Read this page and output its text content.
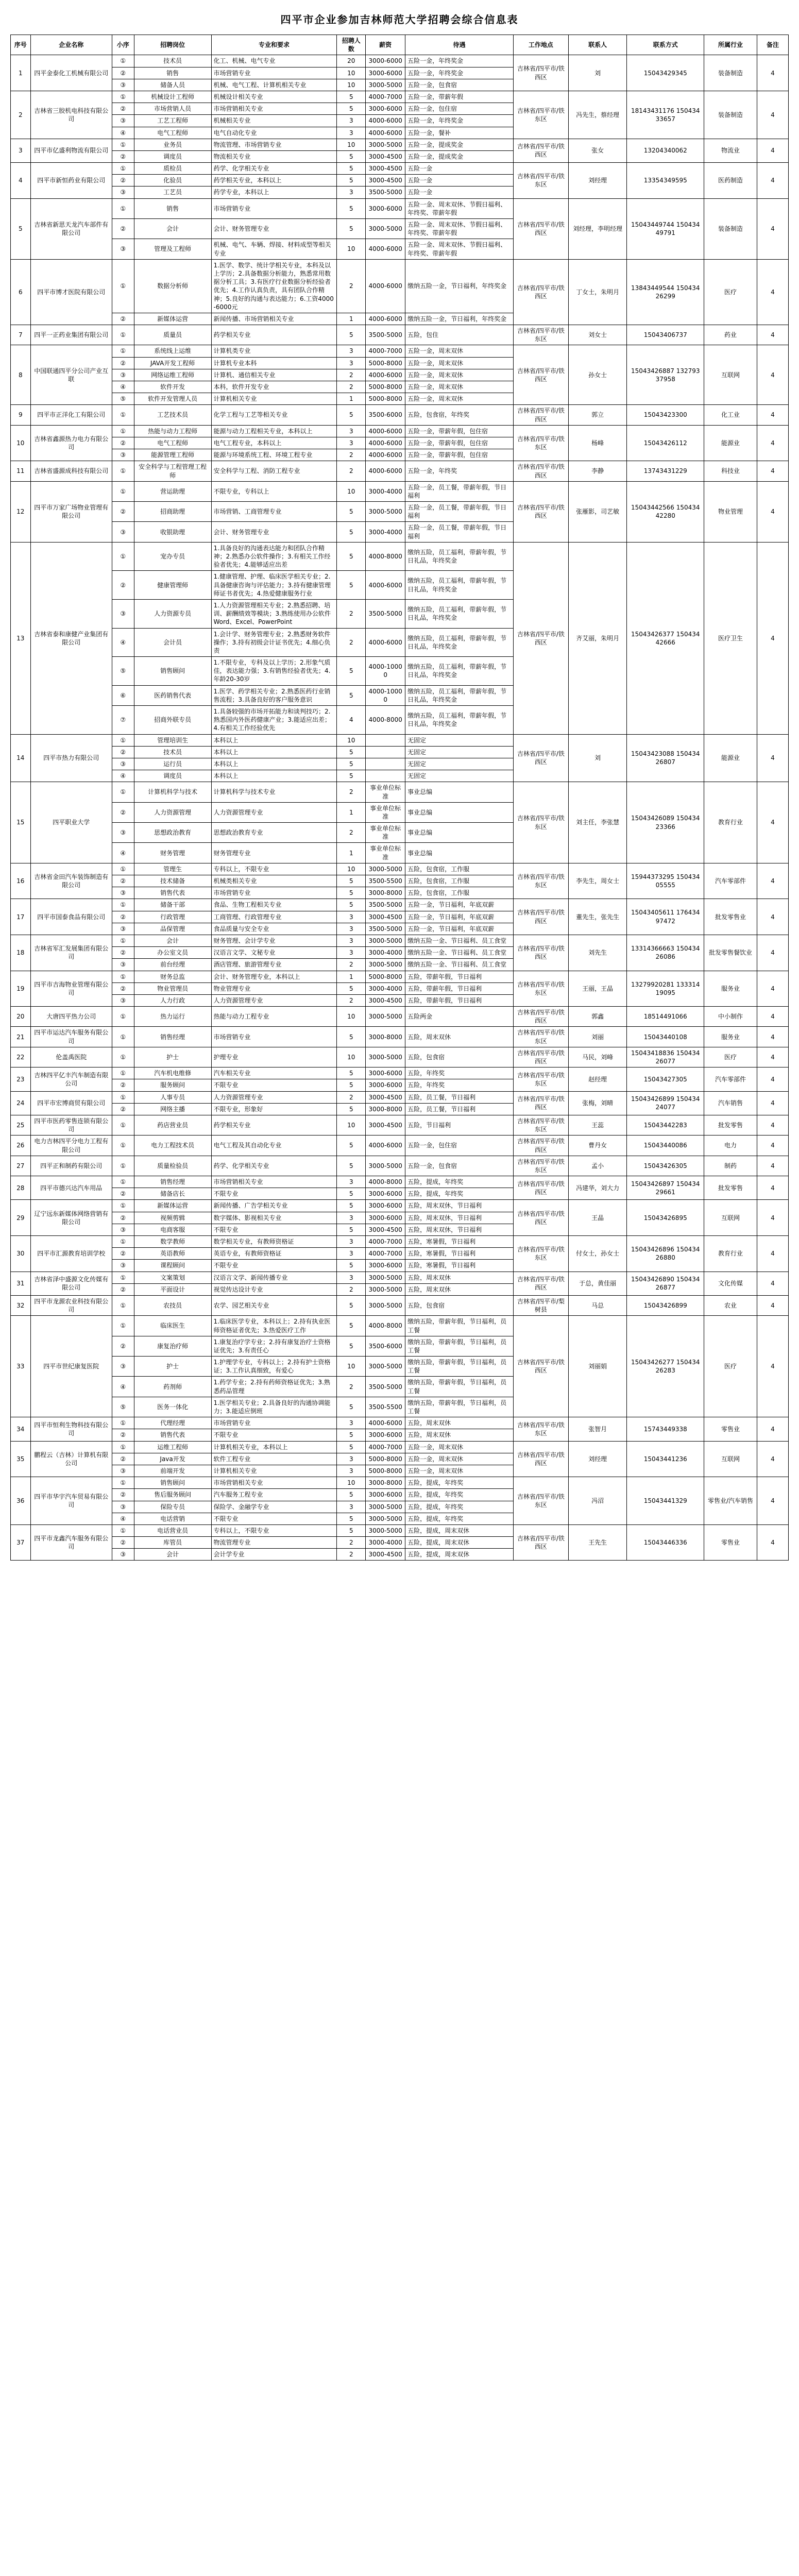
四平市企业参加吉林师范大学招聘会综合信息表
序号	企业名称	小序	招聘岗位	专业和要求	招聘人数	薪资	待遇	工作地点	联系人	联系方式	所属行业	备注
1	四平金泰化工机械有限公司	①	技术员	化工、机械、电气专业	20	3000-6000	五险一金，年终奖金	吉林省/四平市/铁西区	刘	15043429345	装备制造	4
		②	销售	市场营销专业	10	3000-6000	五险一金，年终奖金					
		③	储备人员	机械、电气工程、计算机相关专业	10	3000-5000	五险一金，包食宿					
2	吉林省三胶机电科技有限公司	①	机械设计工程师	机械设计相关专业	5	4000-7000	五险一金，带薪年假	吉林省/四平市/铁东区	冯先生，蔡经理	18143431176 15043433657	装备制造	4
		②	市场营销人员	市场营销相关专业	5	3000-6000	五险一金，包住宿					
		③	工艺工程师	机械相关专业	3	4000-6000	五险一金，年终奖金					
		④	电气工程师	电气自动化专业	3	4000-6000	五险一金，餐补					
3	四平市亿盛利物流有限公司	①	业务员	物流管理、市场营销专业	10	3000-5000	五险一金，提成奖金	吉林省/四平市/铁西区	张女	13204340062	物流业	4
		②	调度员	物流相关专业	5	3000-4500	五险一金，提成奖金					
4	四平市新恒药业有限公司	①	质检员	药学、化学相关专业	5	3000-4500	五险一金	吉林省/四平市/铁东区	刘经理	13354349595	医药制造	4
		②	化验员	药学相关专业，本科以上	5	3000-4500	五险一金					
		③	工艺员	药学专业，本科以上	3	3500-5000	五险一金					
5	吉林省新思天龙汽车部件有限公司	①	销售	市场营销专业	5	3000-6000	五险一金、周末双休、节假日福利、年终奖、带薪年假	吉林省/四平市/铁西区	刘经理，李明经理	15043449744 15043449791	装备制造	4
		②	会计	会计、财务管理专业	5	3000-5000	五险一金、周末双休、节假日福利、年终奖、带薪年假					
		③	管理及工程师	机械、电气、车辆、焊接、材料成型等相关专业	10	4000-6000	五险一金、周末双休、节假日福利、年终奖、带薪年假					
6	四平市博才医院有限公司	①	数据分析师	1.医学、数学、统计学相关专业，本科及以上学历；2.具备数据分析能力，熟悉常用数据分析工具；3.有医疗行业数据分析经验者优先；4.工作认真负责，具有团队合作精神；5.良好的沟通与表达能力；6.工资4000-6000元	2	4000-6000	缴纳五险一金，节日福利，年终奖金	吉林省/四平市/铁西区	丁女士，朱明月	13843449544 15043426299	医疗	4
		②	新媒体运营	新闻传播、市场营销相关专业	1	4000-6000	缴纳五险一金，节日福利，年终奖金					
7	四平一正药业集团有限公司	①	质量员	药学相关专业	5	3500-5000	五险，包住	吉林省/四平市/铁东区	刘女士	15043406737	药业	4
8	中国联通四平分公司产业互联	①	系统线上运维	计算机类专业	3	4000-7000	五险一金，周末双休	吉林省/四平市/铁西区	孙女士	15043426887 13279337958	互联网	4
		②	JAVA开发工程师	计算机专业本科	3	5000-8000	五险一金，周末双休					
		③	网络运维工程师	计算机、通信相关专业	2	4000-6000	五险一金，周末双休					
		④	软件开发	本科，软件开发专业	2	5000-8000	五险一金，周末双休					
		⑤	软件开发管理人员	计算机相关专业	1	5000-8000	五险一金，周末双休					
9	四平市正洋化工有限公司	①	工艺技术员	化学工程与工艺等相关专业	5	3500-6000	五险，包食宿，年终奖	吉林省/四平市/铁西区	郭立	15043423300	化工业	4
10	吉林省鑫源热力电力有限公司	①	热能与动力工程师	能源与动力工程相关专业，本科以上	3	4000-6000	五险一金，带薪年假，包住宿	吉林省/四平市/铁东区	杨峰	15043426112	能源业	4
		②	电气工程师	电气工程专业，本科以上	3	4000-6000	五险一金，带薪年假，包住宿					
		③	能源管理工程师	能源与环境系统工程、环境工程专业	2	4000-6000	五险一金，带薪年假，包住宿					
11	吉林省盛源成科技有限公司	①	安全科学与工程管理工程师	安全科学与工程、消防工程专业	2	4000-6000	五险一金，年终奖	吉林省/四平市/铁西区	李静	13743431229	科技业	4
12	四平市万家广场物业管理有限公司	①	营运助理	不限专业，专科以上	10	3000-4000	五险一金，员工餐，带薪年假，节日福利	吉林省/四平市/铁西区	张雁影，司艺敏	15043442566 15043442280	物业管理	4
		②	招商助理	市场营销、工商管理专业	5	3000-5000	五险一金，员工餐，带薪年假，节日福利					
		③	收银助理	会计、财务管理专业	5	3000-4000	五险一金，员工餐，带薪年假，节日福利					
13	吉林省泰和康健产业集团有限公司	①	宠办专员	1.具备良好的沟通表达能力和团队合作精神；2.熟悉办公软件操作；3.有相关工作经验者优先；4.能够适应出差	5	4000-8000	缴纳五险，员工福利，带薪年假，节日礼品，年终奖金	吉林省/四平市/铁西区	齐艾丽，朱明月	15043426377 15043442666	医疗卫生	4
		②	健康管理师	1.健康管理、护理、临床医学相关专业；2.具备健康咨询与评估能力；3.持有健康管理师证书者优先；4.热爱健康服务行业	5	4000-6000	缴纳五险，员工福利，带薪年假，节日礼品，年终奖金					
		③	人力资源专员	1.人力资源管理相关专业；2.熟悉招聘、培训、薪酬绩效等模块；3.熟练使用办公软件Word、Excel、PowerPoint	2	3500-5000	缴纳五险，员工福利，带薪年假，节日礼品，年终奖金					
		④	会计员	1.会计学、财务管理专业；2.熟悉财务软件操作；3.持有初级会计证书优先；4.细心负责	2	4000-6000	缴纳五险，员工福利，带薪年假，节日礼品，年终奖金					
		⑤	销售顾问	1.不限专业，专科及以上学历；2.形象气质佳，表达能力强；3.有销售经验者优先；4.年龄20-30岁	5	4000-10000	缴纳五险，员工福利，带薪年假，节日礼品，年终奖金					
		⑥	医药销售代表	1.医学、药学相关专业；2.熟悉医药行业销售流程；3.具备良好的客户服务意识	5	4000-10000	缴纳五险，员工福利，带薪年假，节日礼品，年终奖金					
		⑦	招商外联专员	1.具备较强的市场开拓能力和谈判技巧；2.熟悉国内外医药健康产业；3.能适应出差；4.有相关工作经验优先	4	4000-8000	缴纳五险，员工福利，带薪年假，节日礼品，年终奖金					
14	四平市热力有限公司	①	管理培训生	本科以上	10		无固定	吉林省/四平市/铁西区	刘	15043423088 15043426807	能源业	4
		②	技术员	本科以上	5		无固定					
		③	运行员	本科以上	5		无固定					
		④	调度员	本科以上	5		无固定					
15	四平职业大学	①	计算机科学与技术	计算机科学与技术专业	2	事业单位标准	事业总编	吉林省/四平市/铁东区	刘主任，李张慧	15043426089 15043423366	教育行业	4
		②	人力资源管理	人力资源管理专业	1	事业单位标准	事业总编					
		③	思想政治教育	思想政治教育专业	2	事业单位标准	事业总编					
		④	财务管理	财务管理专业	1	事业单位标准	事业总编					
16	吉林省金田汽车装饰制造有限公司	①	管理生	专科以上，不限专业	10	3000-5000	五险，包食宿，工作服	吉林省/四平市/铁东区	李先生，周女士	15944373295 15043405555	汽车零部件	4
		②	技术储备	机械类相关专业	5	3500-5500	五险，包食宿，工作服					
		③	销售代表	市场营销专业	5	3000-8000	五险，包食宿，工作服					
17	四平市国泰食品有限公司	①	储备干部	食品、生物工程相关专业	5	3500-5000	五险一金，节日福利，年底双薪	吉林省/四平市/铁西区	董先生，张先生	15043405611 17643497472	批发零售业	4
		②	行政管理	工商管理、行政管理专业	3	3000-4500	五险一金，节日福利，年底双薪					
		③	品保管理	食品质量与安全专业	3	3500-5000	五险一金，节日福利，年底双薪					
18	吉林省军汇发展集团有限公司	①	会计	财务管理、会计学专业	3	3000-5000	缴纳五险一金、节日福利、员工食堂	吉林省/四平市/铁西区	刘先生	13314366663 15043426086	批发零售餐饮业	4
		②	办公室文员	汉语言文学、文秘专业	3	3000-4000	缴纳五险一金、节日福利、员工食堂					
		③	前台经理	酒店管理、旅游管理专业	2	3000-5000	缴纳五险一金、节日福利、员工食堂					
19	四平市吉海物业管理有限公司	①	财务总监	会计、财务管理专业，本科以上	1	5000-8000	五险，带薪年假，节日福利	吉林省/四平市/铁东区	王丽，王晶	13279920281 13331419095	服务业	4
		②	物业管理员	物业管理专业	5	3000-4000	五险，带薪年假，节日福利					
		③	人力行政	人力资源管理专业	2	3000-4500	五险，带薪年假，节日福利					
20	大唐四平热力公司	①	热力运行	热能与动力工程专业	10	3000-5000	五险两金	吉林省/四平市/铁西区	郭鑫	18514491066	中小制作	4
21	四平市运达汽车服务有限公司	①	销售经理	市场营销专业	5	3000-8000	五险，周末双休	吉林省/四平市/铁东区	刘丽	15043440108	服务业	4
22	伦盖禹医院	①	护士	护理专业	10	3000-5000	五险，包食宿	吉林省/四平市/铁西区	马民，刘峰	15043418836 15043426077	医疗	4
23	吉林四平亿丰汽车制造有限公司	①	汽车机电维修	汽车相关专业	5	3000-6000	五险，年终奖	吉林省/四平市/铁东区	赵经理	15043427305	汽车零部件	4
		②	服务顾问	不限专业	5	3000-6000	五险，年终奖					
24	四平市宏博商贸有限公司	①	人事专员	人力资源管理专业	2	3000-4500	五险，员工餐，节日福利	吉林省/四平市/铁西区	张梅，刘晴	15043426899 15043424077	汽车销售	4
		②	网络主播	不限专业，形象好	5	3000-8000	五险，员工餐，节日福利					
25	四平市医药零售连锁有限公司	①	药店营业员	药学相关专业	10	3000-4500	五险，节日福利	吉林省/四平市/铁东区	王蕊	15043442283	批发零售	4
26	电力吉林四平分电力工程有限公司	①	电力工程技术员	电气工程及其自动化专业	5	4000-6000	五险一金，包住宿	吉林省/四平市/铁西区	曹丹女	15043440086	电力	4
27	四平正和制药有限公司	①	质量检验员	药学、化学相关专业	5	3000-5000	五险一金，包食宿	吉林省/四平市/铁东区	孟小	15043426305	制药	4
28	四平市德兴达汽车用品	①	销售经理	市场营销相关专业	3	4000-8000	五险，提成，年终奖	吉林省/四平市/铁西区	冯建华，刘大力	15043426897 15043429661	批发零售	4
		②	储备店长	不限专业	5	3000-6000	五险，提成，年终奖					
29	辽宁远东新媒体网络营销有限公司	①	新媒体运营	新闻传播、广告学相关专业	5	3000-6000	五险，周末双休，节日福利	吉林省/四平市/铁西区	王晶	15043426895	互联网	4
		②	视频剪辑	数字媒体、影视相关专业	3	3000-6000	五险，周末双休，节日福利					
		③	电商客服	不限专业	5	3000-4500	五险，周末双休，节日福利					
30	四平市汇源教育培训学校	①	数学教师	数学相关专业，有教师资格证	3	4000-7000	五险，寒暑假，节日福利	吉林省/四平市/铁东区	付女士，孙女士	15043426896 15043426880	教育行业	4
		②	英语教师	英语专业，有教师资格证	3	4000-7000	五险，寒暑假，节日福利					
		③	课程顾问	不限专业	5	3000-6000	五险，寒暑假，节日福利					
31	吉林省泽中盛源文化传媒有限公司	①	文案策划	汉语言文学、新闻传播专业	3	3000-5000	五险，周末双休	吉林省/四平市/铁西区	于总，黄佳丽	15043426890 15043426877	文化传媒	4
		②	平面设计	视觉传达设计专业	2	3000-5000	五险，周末双休					
32	四平市龙源农业科技有限公司	①	农技员	农学、园艺相关专业	5	3000-5000	五险，包食宿	吉林省/四平市/梨树县	马总	15043426899	农业	4
33	四平市世纪康复医院	①	临床医生	1.临床医学专业，本科以上；2.持有执业医师资格证者优先；3.热爱医疗工作	5	4000-8000	缴纳五险，带薪年假，节日福利，员工餐	吉林省/四平市/铁西区	刘丽娟	15043426277 15043426283	医疗	4
		②	康复治疗师	1.康复治疗学专业；2.持有康复治疗士资格证优先；3.有责任心	5	3500-6000	缴纳五险，带薪年假，节日福利，员工餐					
		③	护士	1.护理学专业，专科以上；2.持有护士资格证；3.工作认真细致，有爱心	10	3000-5000	缴纳五险，带薪年假，节日福利，员工餐					
		④	药剂师	1.药学专业；2.持有药师资格证优先；3.熟悉药品管理	2	3500-5000	缴纳五险，带薪年假，节日福利，员工餐					
		⑤	医务一体化	1.医学相关专业；2.具备良好的沟通协调能力；3.能适应倒班	5	3500-5500	缴纳五险，带薪年假，节日福利，员工餐					
34	四平市恒利生物科技有限公司	①	代理经理	市场营销专业	3	4000-6000	五险，周末双休	吉林省/四平市/铁东区	张智月	15743449338	零售业	4
		②	销售代表	不限专业	5	3000-6000	五险，周末双休					
35	鹏程云（吉林）计算机有限公司	①	运维工程师	计算机相关专业，本科以上	5	4000-7000	五险一金，周末双休	吉林省/四平市/铁西区	刘经理	15043441236	互联网	4
		②	Java开发	软件工程专业	3	5000-8000	五险一金，周末双休					
		③	前端开发	计算机相关专业	3	5000-8000	五险一金，周末双休					
36	四平市华宇汽车贸易有限公司	①	销售顾问	市场营销相关专业	10	3000-8000	五险，提成，年终奖	吉林省/四平市/铁东区	冯沼	15043441329	零售业/汽车销售	4
		②	售后服务顾问	汽车服务工程专业	5	3000-6000	五险，提成，年终奖					
		③	保险专员	保险学、金融学专业	3	3000-5000	五险，提成，年终奖					
		④	电话营销	不限专业	5	3000-5000	五险，提成，年终奖					
37	四平市龙鑫汽车服务有限公司	①	电话营业员	专科以上，不限专业	5	3000-5000	五险，提成，周末双休	吉林省/四平市/铁西区	王先生	15043446336	零售业	4
		②	库管员	物流管理专业	2	3000-4000	五险，提成，周末双休					
		③	会计	会计学专业	2	3000-4500	五险，提成，周末双休					
